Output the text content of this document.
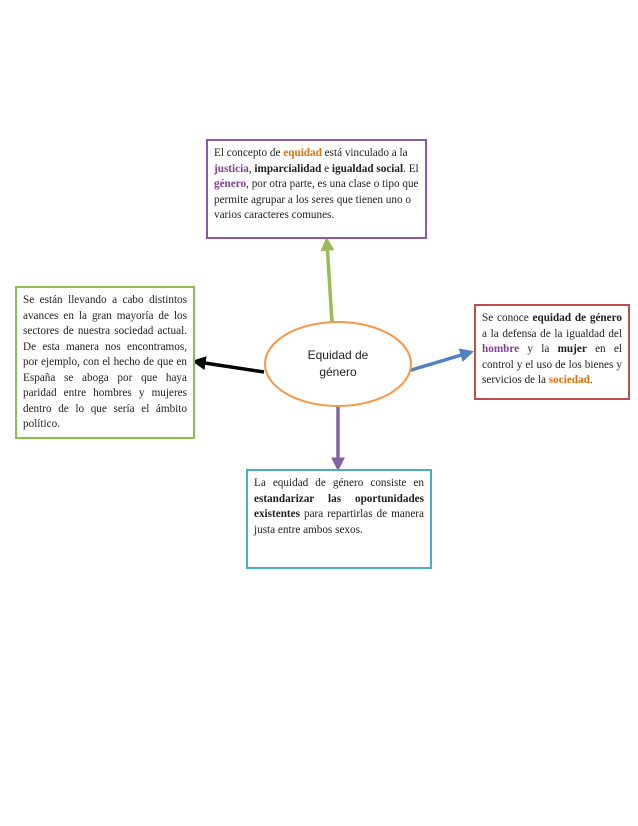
Equidad de
género
El concepto de equidad está vinculado a la justicia, imparcialidad e igualdad social. El género, por otra parte, es una clase o tipo que permite agrupar a los seres que tienen uno o varios caracteres comunes.
Se están llevando a cabo distintos avances en la gran mayoría de los sectores de nuestra sociedad actual. De esta manera nos encontramos, por ejemplo, con el hecho de que en España se aboga por que haya paridad entre hombres y mujeres dentro de lo que sería el ámbito político.
Se conoce equidad de género a la defensa de la igualdad del hombre y la mujer en el control y el uso de los bienes y servicios de la sociedad.
La equidad de género consiste en estandarizar las oportunidades existentes para repartirlas de manera justa entre ambos sexos.
